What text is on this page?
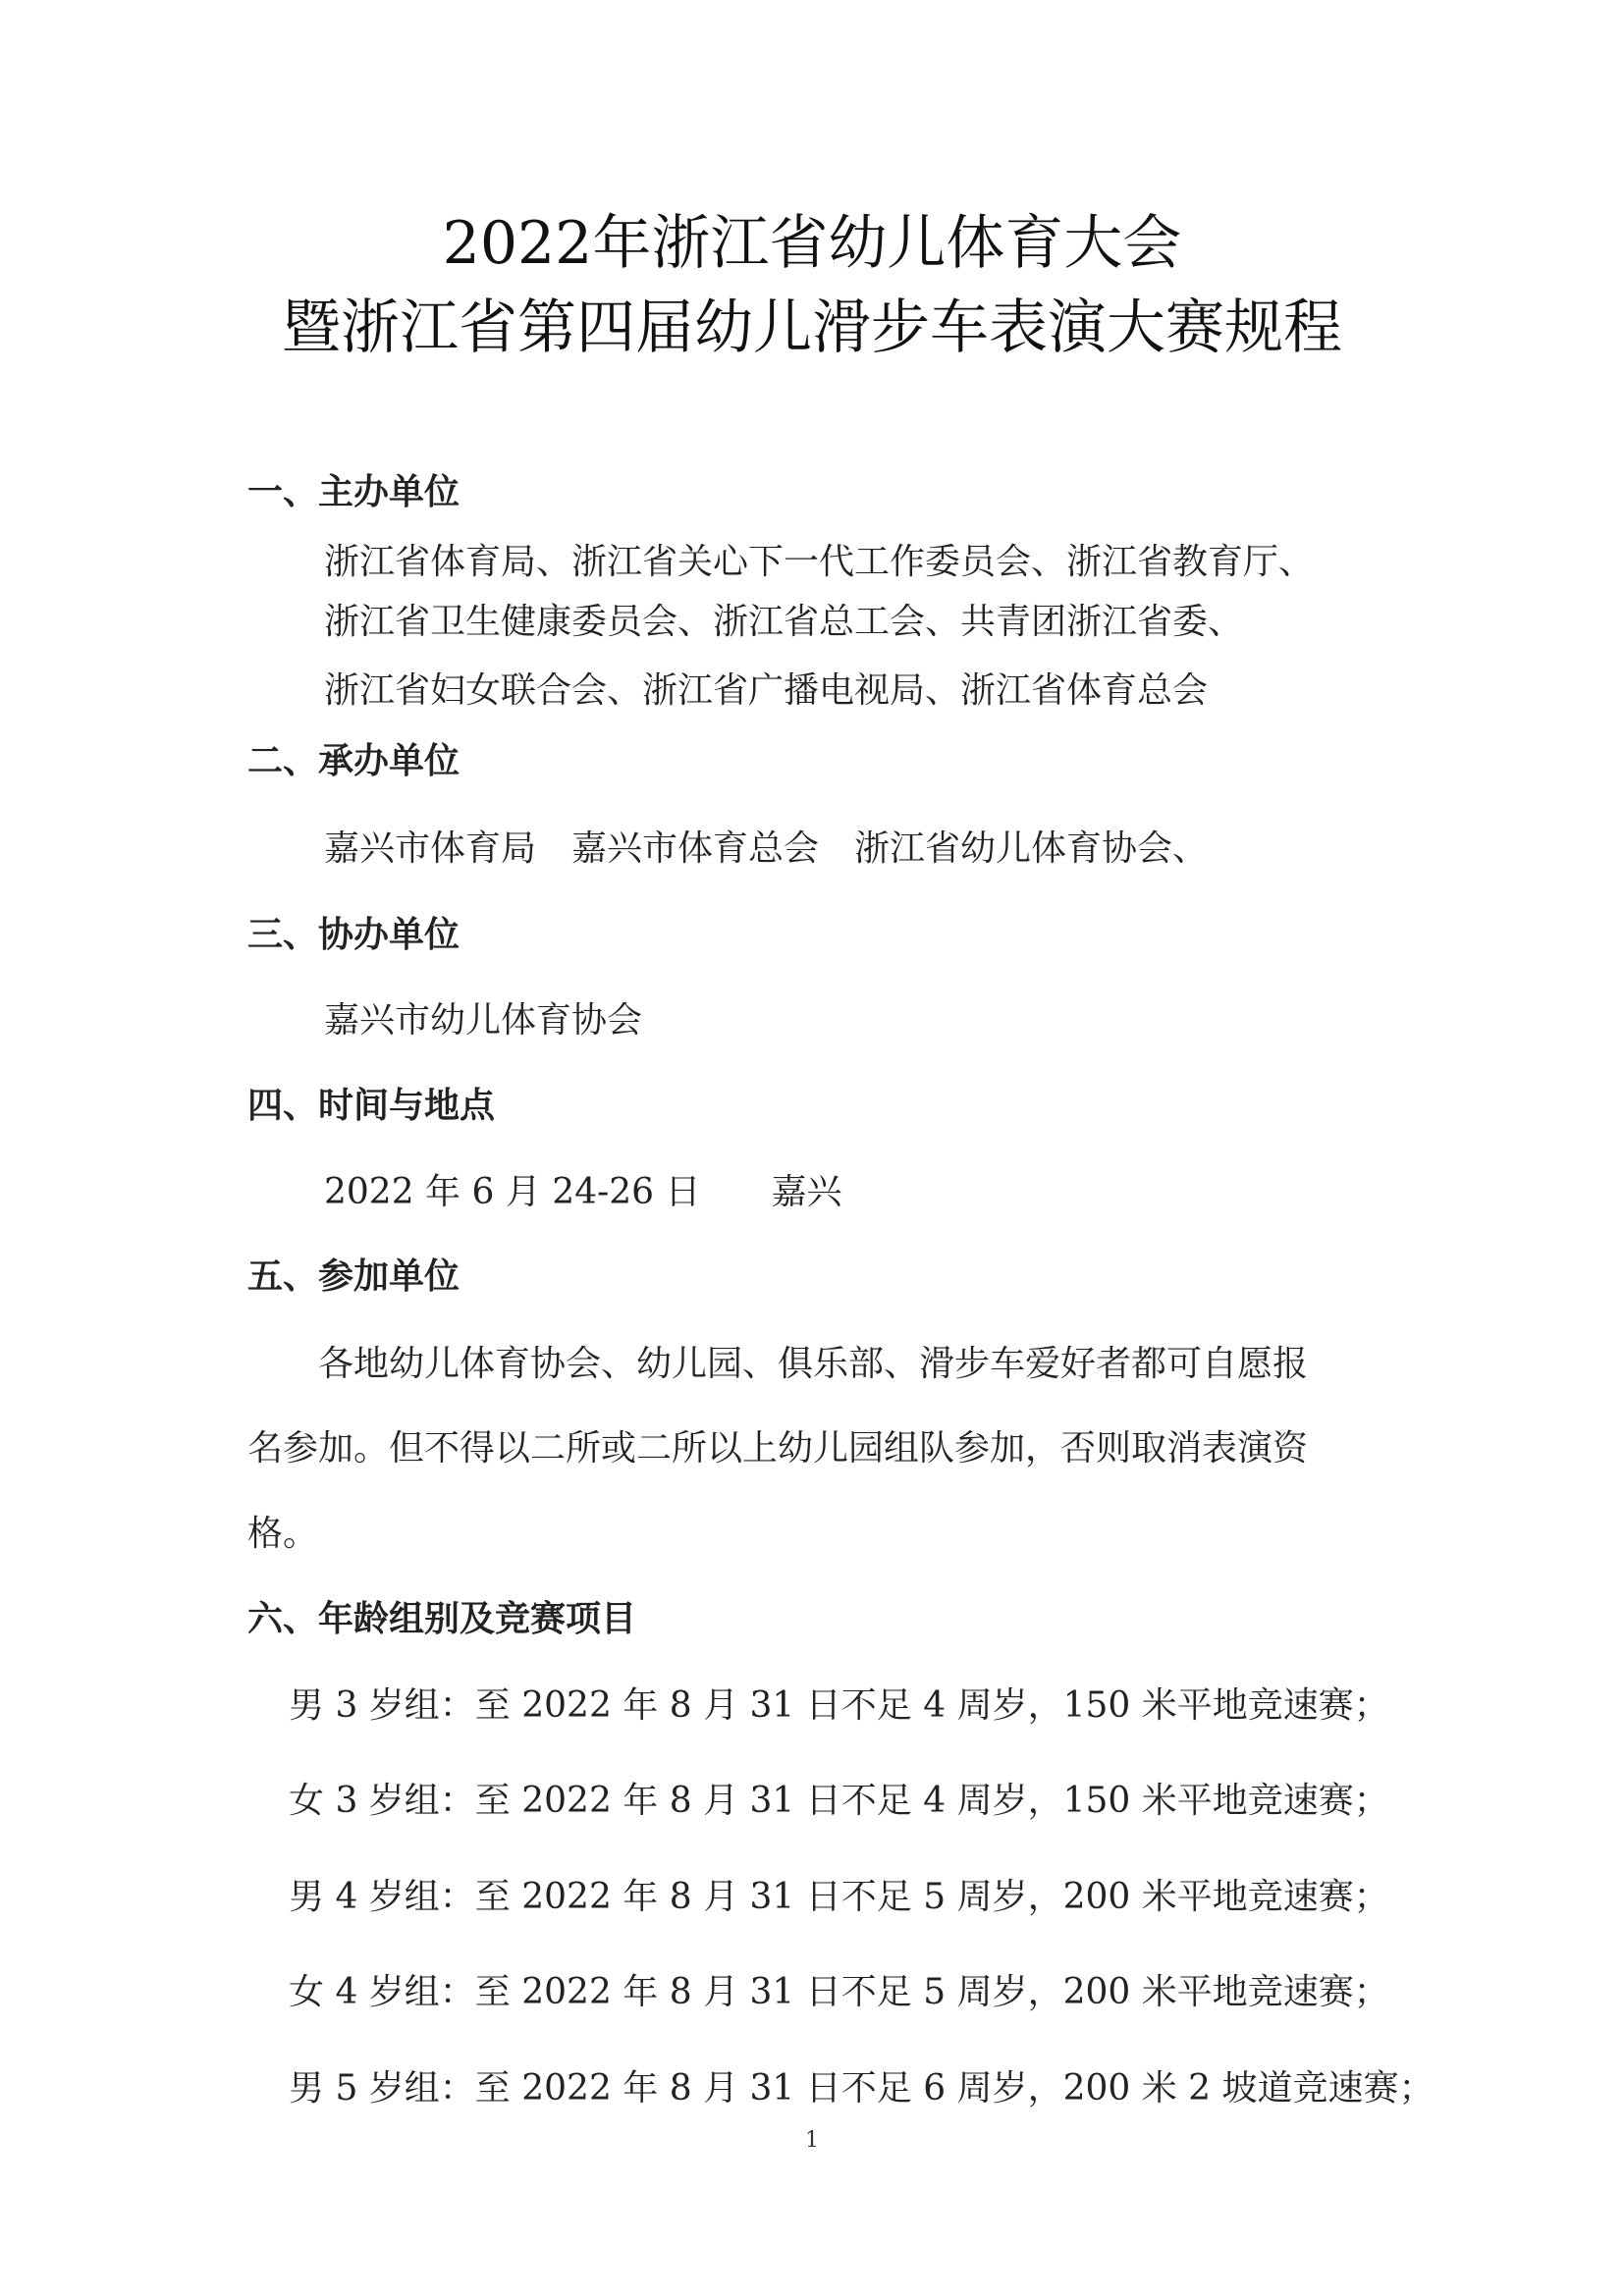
2022年浙江省幼儿体育大会
暨浙江省第四届幼儿滑步车表演大赛规程
一、主办单位
浙江省体育局、浙江省关心下一代工作委员会、浙江省教育厅、
浙江省卫生健康委员会、浙江省总工会、共青团浙江省委、
浙江省妇女联合会、浙江省广播电视局、浙江省体育总会
二、承办单位
嘉兴市体育局　嘉兴市体育总会　浙江省幼儿体育协会、
三、协办单位
嘉兴市幼儿体育协会
四、时间与地点
2022 年 6 月 24-26 日　　嘉兴
五、参加单位
　　各地幼儿体育协会、幼儿园、俱乐部、滑步车爱好者都可自愿报
名参加。但不得以二所或二所以上幼儿园组队参加，否则取消表演资
格。
六、年龄组别及竞赛项目
男 3 岁组：至 2022 年 8 月 31 日不足 4 周岁，150 米平地竞速赛；
女 3 岁组：至 2022 年 8 月 31 日不足 4 周岁，150 米平地竞速赛；
男 4 岁组：至 2022 年 8 月 31 日不足 5 周岁，200 米平地竞速赛；
女 4 岁组：至 2022 年 8 月 31 日不足 5 周岁，200 米平地竞速赛；
男 5 岁组：至 2022 年 8 月 31 日不足 6 周岁，200 米 2 坡道竞速赛；
1
